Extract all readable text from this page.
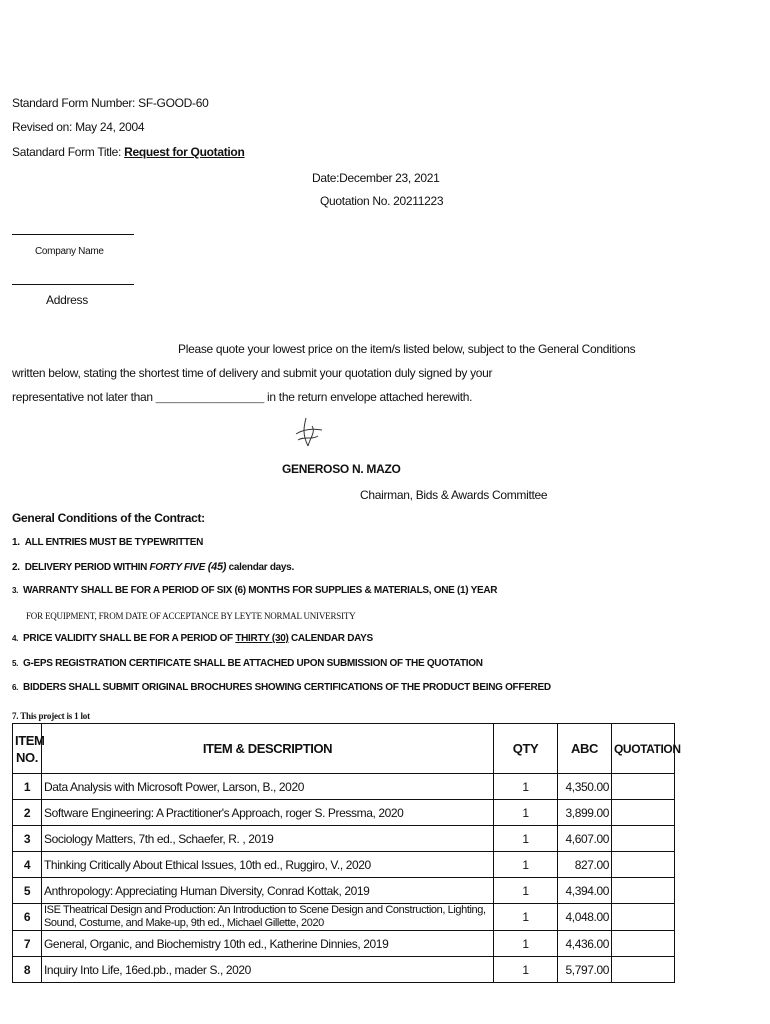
Standard Form Number: SF-GOOD-60
Revised on: May 24, 2004
Satandard Form Title: Request for Quotation
Date:December 23, 2021
Quotation No. 20211223
Company Name
Address
Please quote your lowest price on the item/s listed below, subject to the General Conditions
written below, stating the shortest time of delivery and submit your quotation duly signed by your
representative not later than _______________________ in the return envelope attached herewith.
GENEROSO N. MAZO
Chairman, Bids & Awards Committee
General Conditions of the Contract:
1. ALL ENTRIES MUST BE TYPEWRITTEN
2. DELIVERY PERIOD WITHIN FORTY FIVE (45) calendar days.
3. WARRANTY SHALL BE FOR A PERIOD OF SIX (6) MONTHS FOR SUPPLIES & MATERIALS, ONE (1) YEAR
FOR EQUIPMENT, FROM DATE OF ACCEPTANCE BY LEYTE NORMAL UNIVERSITY
4. PRICE VALIDITY SHALL BE FOR A PERIOD OF THIRTY (30) CALENDAR DAYS
5. G-EPS REGISTRATION CERTIFICATE SHALL BE ATTACHED UPON SUBMISSION OF THE QUOTATION
6. BIDDERS SHALL SUBMIT ORIGINAL BROCHURES SHOWING CERTIFICATIONS OF THE PRODUCT BEING OFFERED
7. This project is 1 lot
ITEM
NO.	ITEM & DESCRIPTION	QTY	ABC	QUOTATION
1	Data Analysis with Microsoft Power, Larson, B., 2020	1	4,350.00	
2	Software Engineering: A Practitioner's Approach, roger S. Pressma, 2020	1	3,899.00	
3	Sociology Matters, 7th ed., Schaefer, R. , 2019	1	4,607.00	
4	Thinking Critically About Ethical Issues, 10th ed., Ruggiro, V., 2020	1	827.00	
5	Anthropology: Appreciating Human Diversity, Conrad Kottak, 2019	1	4,394.00	
6	ISE Theatrical Design and Production: An Introduction to Scene Design and Construction, Lighting, Sound, Costume, and Make-up, 9th ed., Michael Gillette, 2020	1	4,048.00	
7	General, Organic, and Biochemistry 10th ed., Katherine Dinnies, 2019	1	4,436.00	
8	Inquiry Into Life, 16ed.pb., mader S., 2020	1	5,797.00	
